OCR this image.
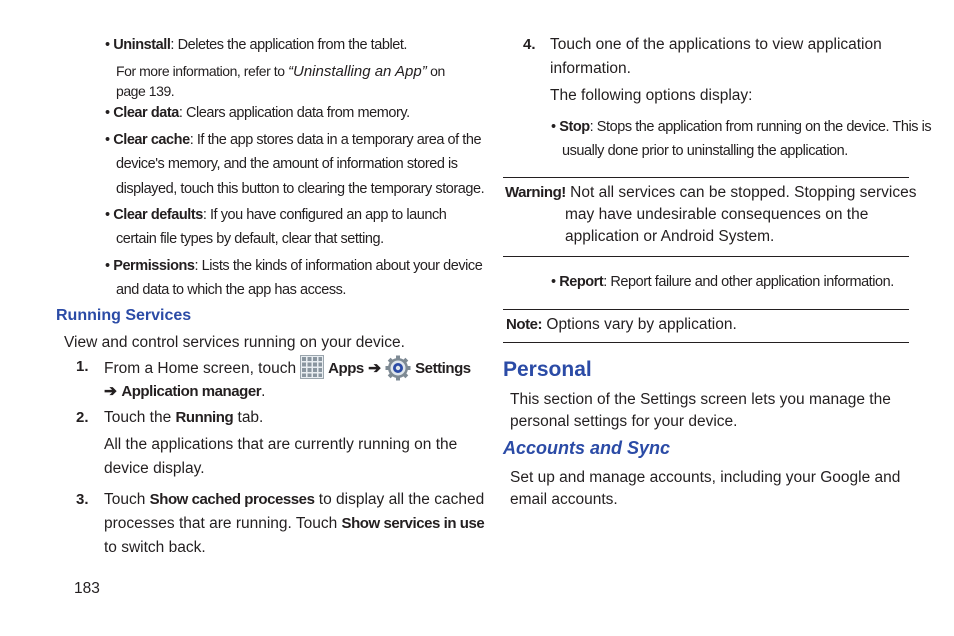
• Uninstall: Deletes the application from the tablet.
For more information, refer to “Uninstalling an App” on
page 139.
• Clear data: Clears application data from memory.
• Clear cache: If the app stores data in a temporary area of the
device's memory, and the amount of information stored is
displayed, touch this button to clearing the temporary storage.
• Clear defaults: If you have configured an app to launch
certain file types by default, clear that setting.
• Permissions: Lists the kinds of information about your device
and data to which the app has access.
Running Services
View and control services running on your device.
1. From a Home screen, touch Apps ➔ Settings
➔ Application manager.
2. Touch the Running tab.
All the applications that are currently running on the
device display.
3. Touch Show cached processes to display all the cached
processes that are running. Touch Show services in use
to switch back.
183
4. Touch one of the applications to view application
information.
The following options display:
• Stop: Stops the application from running on the device. This is
usually done prior to uninstalling the application.
Warning! Not all services can be stopped. Stopping services
may have undesirable consequences on the
application or Android System.
• Report: Report failure and other application information.
Note: Options vary by application.
Personal
This section of the Settings screen lets you manage the
personal settings for your device.
Accounts and Sync
Set up and manage accounts, including your Google and
email accounts.
